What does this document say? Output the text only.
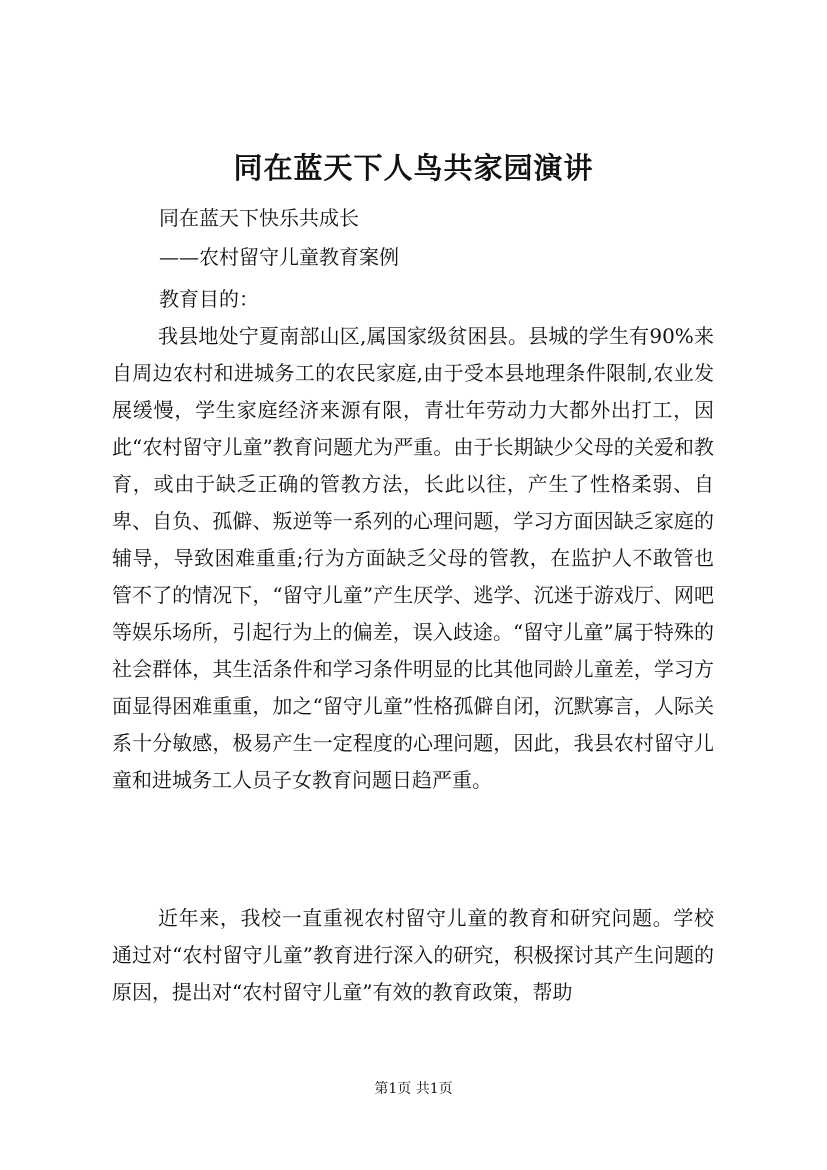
同在蓝天下人鸟共家园演讲
同在蓝天下快乐共成长
——农村留守儿童教育案例
教育目的：

我县地处宁夏南部山区,属国家级贫困县。县城的学生有90%来自周边农村和进城务工的农民家庭,由于受本县地理条件限制,农业发展缓慢，学生家庭经济来源有限，青壮年劳动力大都外出打工，因此“农村留守儿童”教育问题尤为严重。由于长期缺少父母的关爱和教育，或由于缺乏正确的管教方法，长此以往，产生了性格柔弱、自卑、自负、孤僻、叛逆等一系列的心理问题，学习方面因缺乏家庭的辅导，导致困难重重;行为方面缺乏父母的管教，在监护人不敢管也管不了的情况下，“留守儿童”产生厌学、逃学、沉迷于游戏厅、网吧等娱乐场所，引起行为上的偏差，误入歧途。“留守儿童”属于特殊的社会群体，其生活条件和学习条件明显的比其他同龄儿童差，学习方面显得困难重重，加之“留守儿童”性格孤僻自闭，沉默寡言，人际关系十分敏感，极易产生一定程度的心理问题，因此，我县农村留守儿童和进城务工人员子女教育问题日趋严重。

近年来，我校一直重视农村留守儿童的教育和研究问题。学校通过对“农村留守儿童”教育进行深入的研究，积极探讨其产生问题的原因，提出对“农村留守儿童”有效的教育政策，帮助

第1页 共1页
